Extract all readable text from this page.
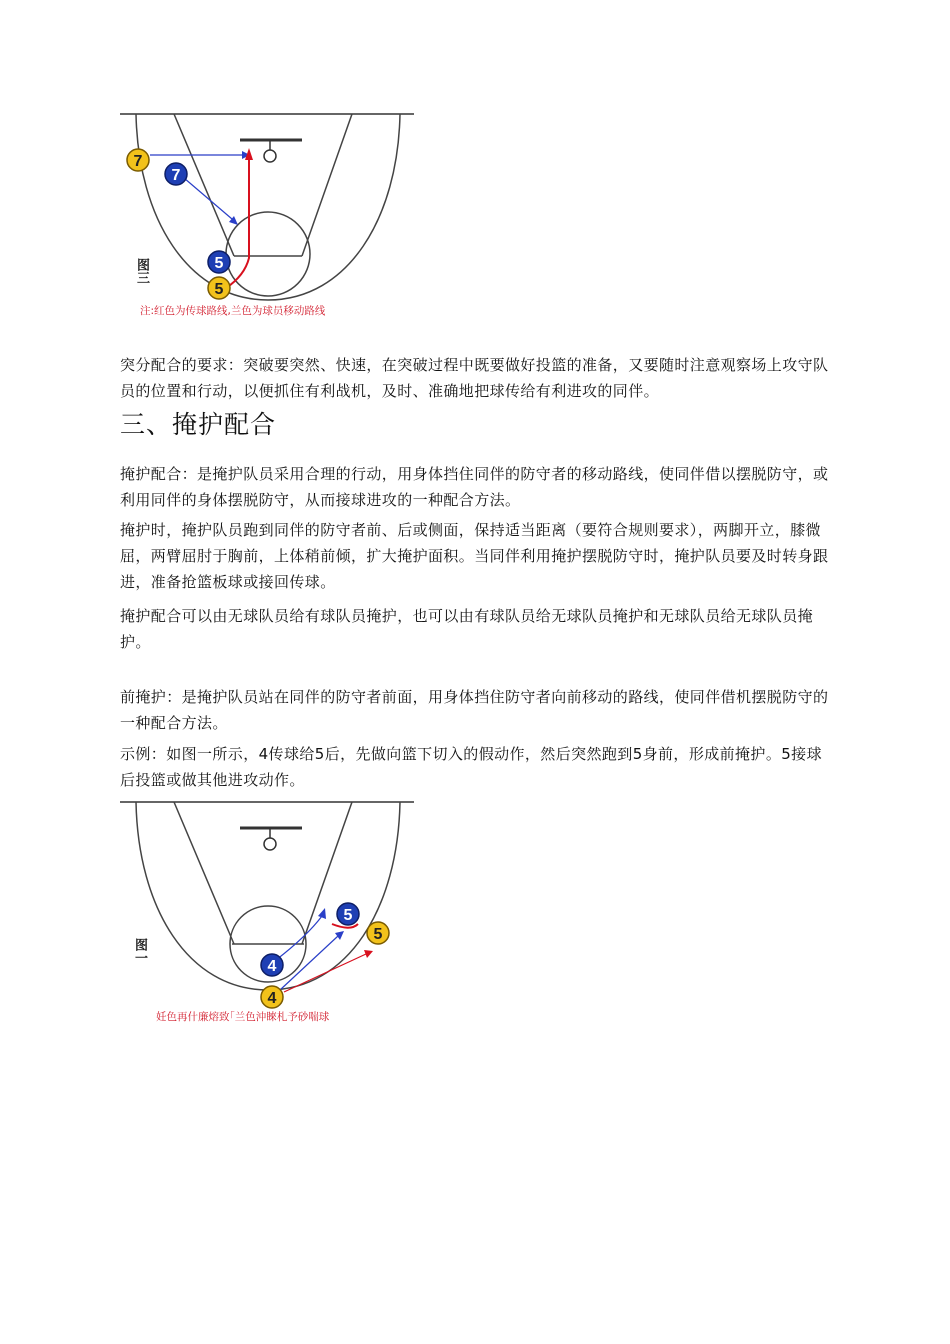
7
7
5
5
图三
注:红色为传球路线,兰色为球员移动路线

突分配合的要求：突破要突然、快速，在突破过程中既要做好投篮的准备，又要随时注意观察场上攻守队员的位置和行动，以便抓住有利战机，及时、准确地把球传给有利进攻的同伴。

三、掩护配合

掩护配合：是掩护队员采用合理的行动，用身体挡住同伴的防守者的移动路线，使同伴借以摆脱防守，或利用同伴的身体摆脱防守，从而接球进攻的一种配合方法。

掩护时，掩护队员跑到同伴的防守者前、后或侧面，保持适当距离（要符合规则要求），两脚开立，膝微屈，两臂屈肘于胸前，上体稍前倾，扩大掩护面积。当同伴利用掩护摆脱防守时，掩护队员要及时转身跟进，准备抢篮板球或接回传球。

掩护配合可以由无球队员给有球队员掩护，也可以由有球队员给无球队员掩护和无球队员给无球队员掩护。

前掩护：是掩护队员站在同伴的防守者前面，用身体挡住防守者向前移动的路线，使同伴借机摆脱防守的一种配合方法。

示例：如图一所示，4传球给5后，先做向篮下切入的假动作，然后突然跑到5身前，形成前掩护。5接球后投篮或做其他进攻动作。

5
5
4
4
图一
妊色再什廉熔致｢兰色沖睞札予砂喘球
